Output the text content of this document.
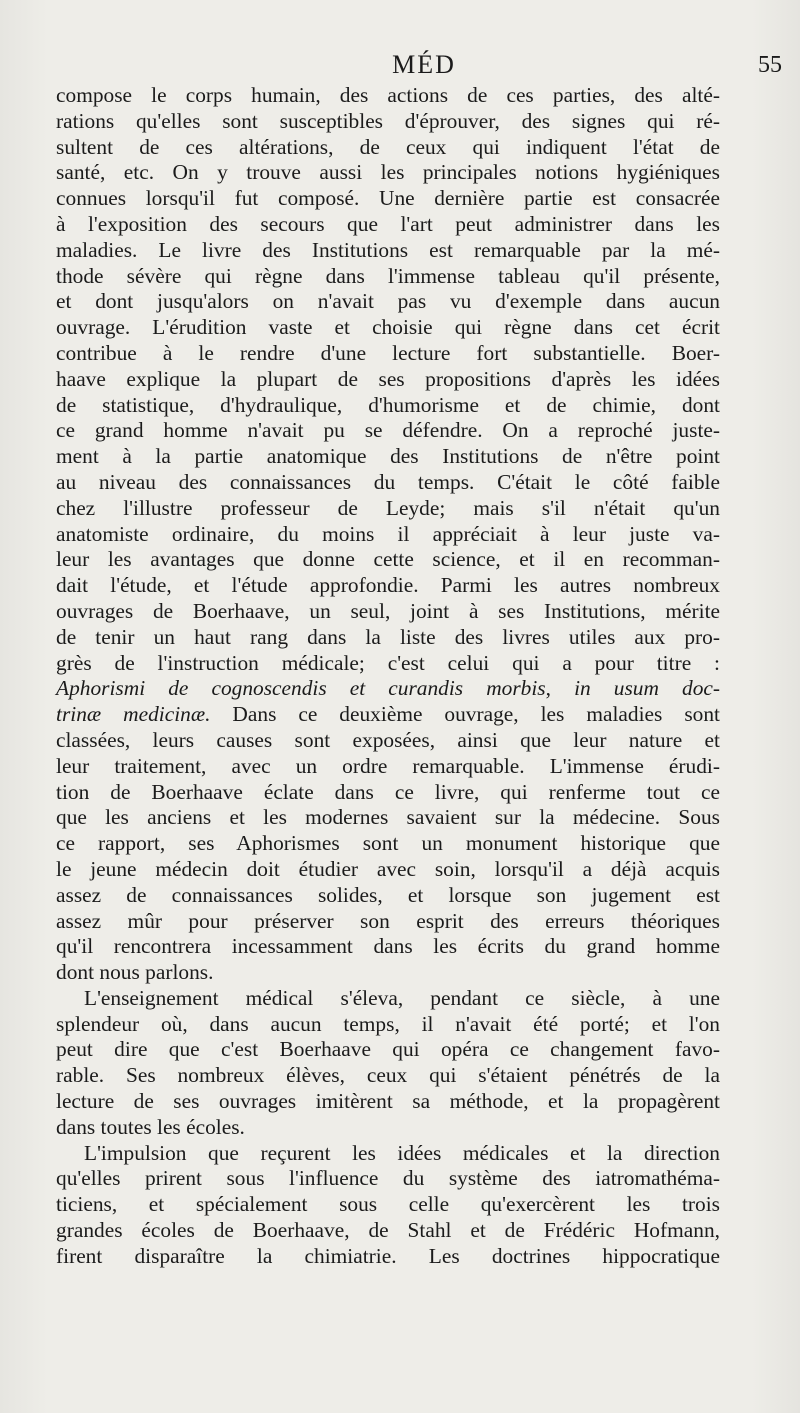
MÉD	55
compose le corps humain, des actions de ces parties, des alté-
rations qu'elles sont susceptibles d'éprouver, des signes qui ré-
sultent de ces altérations, de ceux qui indiquent l'état de
santé, etc. On y trouve aussi les principales notions hygiéniques
connues lorsqu'il fut composé. Une dernière partie est consacrée
à l'exposition des secours que l'art peut administrer dans les
maladies. Le livre des Institutions est remarquable par la mé-
thode sévère qui règne dans l'immense tableau qu'il présente,
et dont jusqu'alors on n'avait pas vu d'exemple dans aucun
ouvrage. L'érudition vaste et choisie qui règne dans cet écrit
contribue à le rendre d'une lecture fort substantielle. Boer-
haave explique la plupart de ses propositions d'après les idées
de statistique, d'hydraulique, d'humorisme et de chimie, dont
ce grand homme n'avait pu se défendre. On a reproché juste-
ment à la partie anatomique des Institutions de n'être point
au niveau des connaissances du temps. C'était le côté faible
chez l'illustre professeur de Leyde; mais s'il n'était qu'un
anatomiste ordinaire, du moins il appréciait à leur juste va-
leur les avantages que donne cette science, et il en recomman-
dait l'étude, et l'étude approfondie. Parmi les autres nombreux
ouvrages de Boerhaave, un seul, joint à ses Institutions, mérite
de tenir un haut rang dans la liste des livres utiles aux pro-
grès de l'instruction médicale; c'est celui qui a pour titre :
Aphorismi de cognoscendis et curandis morbis, in usum doc-
trinæ medicinæ. Dans ce deuxième ouvrage, les maladies sont
classées, leurs causes sont exposées, ainsi que leur nature et
leur traitement, avec un ordre remarquable. L'immense érudi-
tion de Boerhaave éclate dans ce livre, qui renferme tout ce
que les anciens et les modernes savaient sur la médecine. Sous
ce rapport, ses Aphorismes sont un monument historique que
le jeune médecin doit étudier avec soin, lorsqu'il a déjà acquis
assez de connaissances solides, et lorsque son jugement est
assez mûr pour préserver son esprit des erreurs théoriques
qu'il rencontrera incessamment dans les écrits du grand homme
dont nous parlons.
L'enseignement médical s'éleva, pendant ce siècle, à une
splendeur où, dans aucun temps, il n'avait été porté; et l'on
peut dire que c'est Boerhaave qui opéra ce changement favo-
rable. Ses nombreux élèves, ceux qui s'étaient pénétrés de la
lecture de ses ouvrages imitèrent sa méthode, et la propagèrent
dans toutes les écoles.
L'impulsion que reçurent les idées médicales et la direction
qu'elles prirent sous l'influence du système des iatromathéma-
ticiens, et spécialement sous celle qu'exercèrent les trois
grandes écoles de Boerhaave, de Stahl et de Frédéric Hofmann,
firent disparaître la chimiatrie. Les doctrines hippocratique
